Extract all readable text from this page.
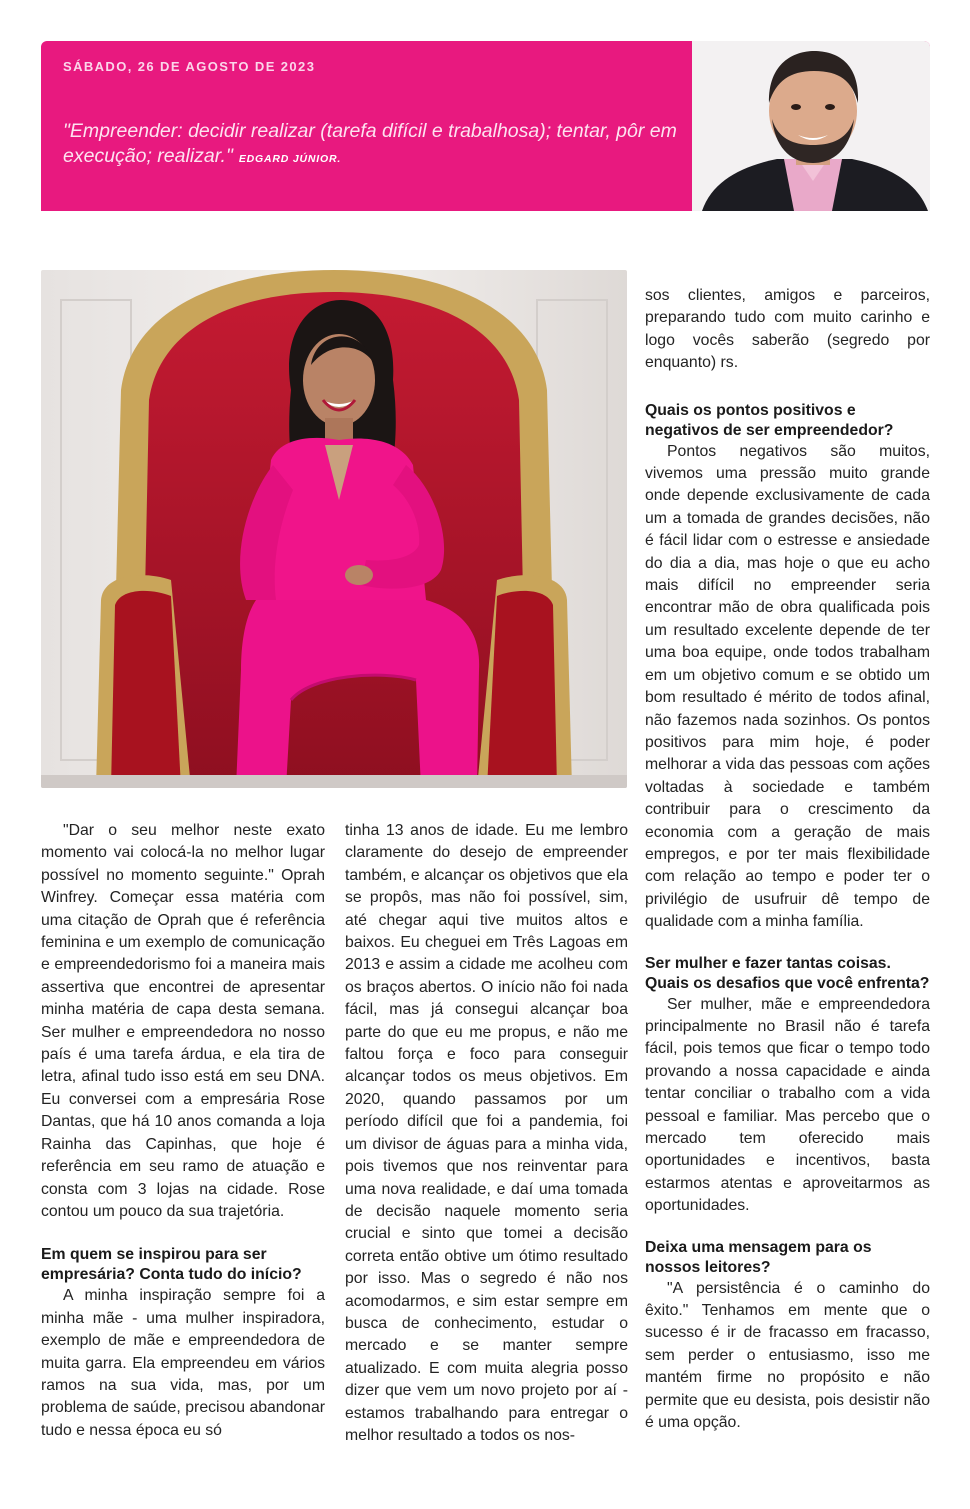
SÁBADO, 26 DE AGOSTO DE 2023
"Empreender: decidir realizar (tarefa difícil e trabalhosa); tentar, pôr em execução; realizar." EDGARD JÚNIOR.

"Dar o seu melhor neste exato momento vai colocá-la no melhor lugar possível no momento seguinte." Oprah Winfrey. Começar essa matéria com uma citação de Oprah que é referência feminina e um exemplo de comunicação e empreendedorismo foi a maneira mais assertiva que encontrei de apresentar minha matéria de capa desta semana. Ser mulher e empreendedora no nosso país é uma tarefa árdua, e ela tira de letra, afinal tudo isso está em seu DNA. Eu conversei com a empresária Rose Dantas, que há 10 anos comanda a loja Rainha das Capinhas, que hoje é referência em seu ramo de atuação e consta com 3 lojas na cidade. Rose contou um pouco da sua trajetória.

Em quem se inspirou para ser empresária? Conta tudo do início?

A minha inspiração sempre foi a minha mãe - uma mulher inspiradora, exemplo de mãe e empreendedora de muita garra. Ela empreendeu em vários ramos na sua vida, mas, por um problema de saúde, precisou abandonar tudo e nessa época eu só

tinha 13 anos de idade. Eu me lembro claramente do desejo de empreender também, e alcançar os objetivos que ela se propôs, mas não foi possível, sim, até chegar aqui tive muitos altos e baixos. Eu cheguei em Três Lagoas em 2013 e assim a cidade me acolheu com os braços abertos. O início não foi nada fácil, mas já consegui alcançar boa parte do que eu me propus, e não me faltou força e foco para conseguir alcançar todos os meus objetivos. Em 2020, quando passamos por um período difícil que foi a pandemia, foi um divisor de águas para a minha vida, pois tivemos que nos reinventar para uma nova realidade, e daí uma tomada de decisão naquele momento seria crucial e sinto que tomei a decisão correta então obtive um ótimo resultado por isso. Mas o segredo é não nos acomodarmos, e sim estar sempre em busca de conhecimento, estudar o mercado e se manter sempre atualizado. E com muita alegria posso dizer que vem um novo projeto por aí - estamos trabalhando para entregar o melhor resultado a todos os nos-

sos clientes, amigos e parceiros, preparando tudo com muito carinho e logo vocês saberão (segredo por enquanto) rs.

Quais os pontos positivos e negativos de ser empreendedor?

Pontos negativos são muitos, vivemos uma pressão muito grande onde depende exclusivamente de cada um a tomada de grandes decisões, não é fácil lidar com o estresse e ansiedade do dia a dia, mas hoje o que eu acho mais difícil no empreender seria encontrar mão de obra qualificada pois um resultado excelente depende de ter uma boa equipe, onde todos trabalham em um objetivo comum e se obtido um bom resultado é mérito de todos afinal, não fazemos nada sozinhos. Os pontos positivos para mim hoje, é poder melhorar a vida das pessoas com ações voltadas à sociedade e também contribuir para o crescimento da economia com a geração de mais empregos, e por ter mais flexibilidade com relação ao tempo e poder ter o privilégio de usufruir dê tempo de qualidade com a minha família.

Ser mulher e fazer tantas coisas. Quais os desafios que você enfrenta?

Ser mulher, mãe e empreendedora principalmente no Brasil não é tarefa fácil, pois temos que ficar o tempo todo provando a nossa capacidade e ainda tentar conciliar o trabalho com a vida pessoal e familiar. Mas percebo que o mercado tem oferecido mais oportunidades e incentivos, basta estarmos atentas e aproveitarmos as oportunidades.

Deixa uma mensagem para os nossos leitores?

"A persistência é o caminho do êxito." Tenhamos em mente que o sucesso é ir de fracasso em fracasso, sem perder o entusiasmo, isso me mantém firme no propósito e não permite que eu desista, pois desistir não é uma opção.
